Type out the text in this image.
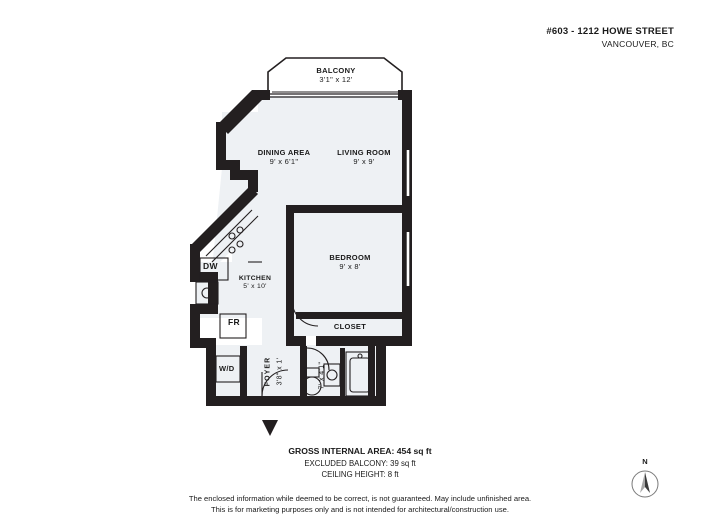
#603 - 1212 HOWE STREET
VANCOUVER, BC
BALCONY
3'1" x 12'
DINING AREA
9' x 6'1"
LIVING ROOM
9' x 9'
BEDROOM
9' x 8'
CLOSET
KITCHEN
5' x 10'
FOYER 3'8" x 1'	7' x 4'1"
DW
FR
W/D
GROSS INTERNAL AREA: 454 sq ft
EXCLUDED BALCONY: 39 sq ft
CEILING HEIGHT: 8 ft
The enclosed information while deemed to be correct, is not guaranteed. May include unfinished area.
This is for marketing purposes only and is not intended for architectural/construction use.
N
